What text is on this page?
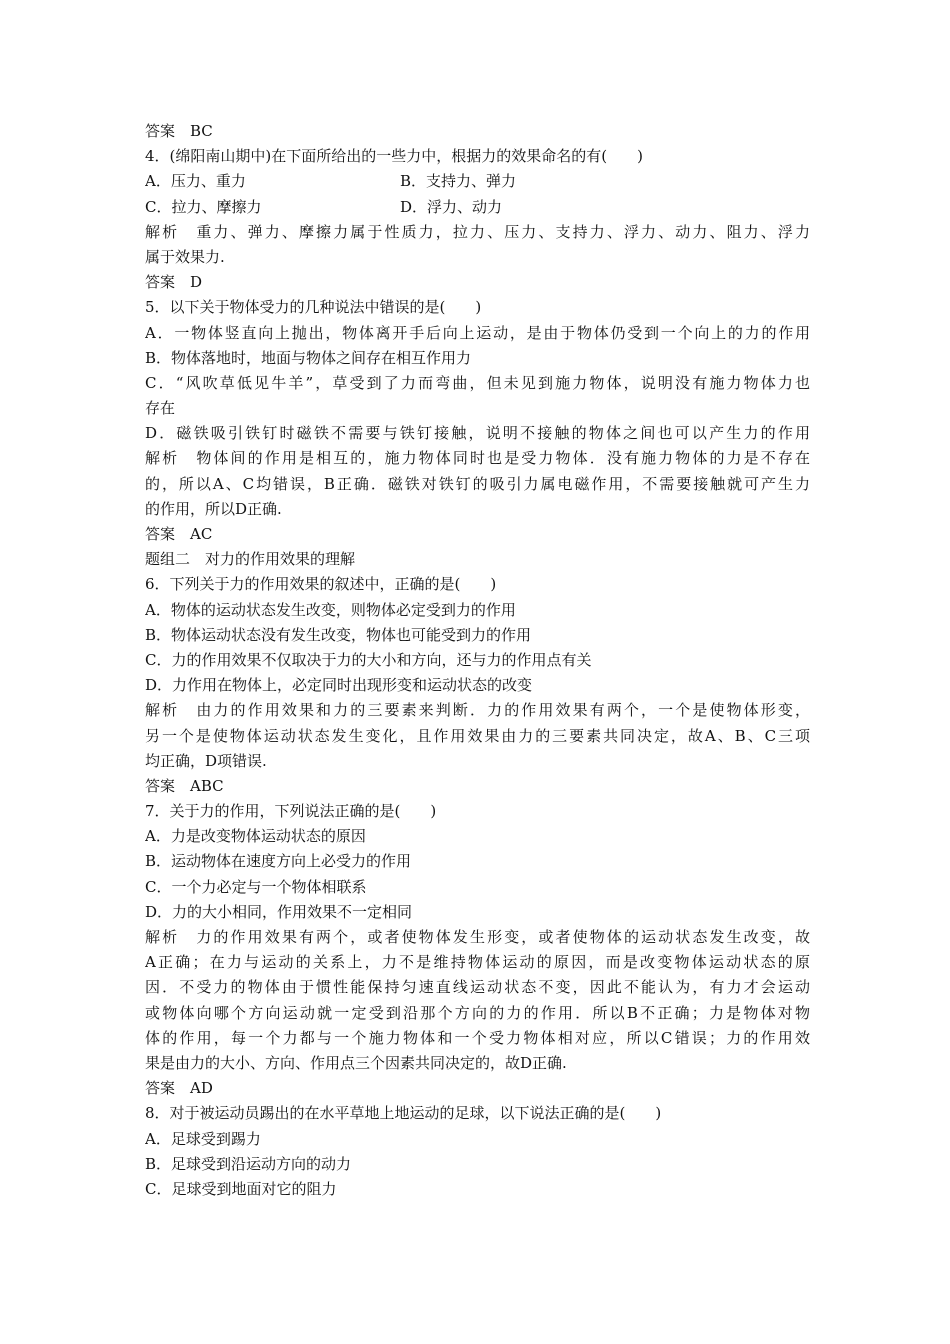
答案　BC
4．(绵阳南山期中)在下面所给出的一些力中，根据力的效果命名的有(　　)
A．压力、重力	B．支持力、弹力
C．拉力、摩擦力	D．浮力、动力
解析　重力、弹力、摩擦力属于性质力，拉力、压力、支持力、浮力、动力、阻力、浮力
属于效果力.
答案　D
5．以下关于物体受力的几种说法中错误的是(　　)
A．一物体竖直向上抛出，物体离开手后向上运动，是由于物体仍受到一个向上的力的作用
B．物体落地时，地面与物体之间存在相互作用力
C．“风吹草低见牛羊”，草受到了力而弯曲，但未见到施力物体，说明没有施力物体力也
存在
D．磁铁吸引铁钉时磁铁不需要与铁钉接触，说明不接触的物体之间也可以产生力的作用
解析　物体间的作用是相互的，施力物体同时也是受力物体．没有施力物体的力是不存在
的，所以A、C均错误，B正确．磁铁对铁钉的吸引力属电磁作用，不需要接触就可产生力
的作用，所以D正确.
答案　AC
题组二　对力的作用效果的理解
6．下列关于力的作用效果的叙述中，正确的是(　　)
A．物体的运动状态发生改变，则物体必定受到力的作用
B．物体运动状态没有发生改变，物体也可能受到力的作用
C．力的作用效果不仅取决于力的大小和方向，还与力的作用点有关
D．力作用在物体上，必定同时出现形变和运动状态的改变
解析　由力的作用效果和力的三要素来判断．力的作用效果有两个，一个是使物体形变，
另一个是使物体运动状态发生变化，且作用效果由力的三要素共同决定，故A、B、C三项
均正确，D项错误.
答案　ABC
7．关于力的作用，下列说法正确的是(　　)
A．力是改变物体运动状态的原因
B．运动物体在速度方向上必受力的作用
C．一个力必定与一个物体相联系
D．力的大小相同，作用效果不一定相同
解析　力的作用效果有两个，或者使物体发生形变，或者使物体的运动状态发生改变，故
A正确；在力与运动的关系上，力不是维持物体运动的原因，而是改变物体运动状态的原
因．不受力的物体由于惯性能保持匀速直线运动状态不变，因此不能认为，有力才会运动
或物体向哪个方向运动就一定受到沿那个方向的力的作用．所以B不正确；力是物体对物
体的作用，每一个力都与一个施力物体和一个受力物体相对应，所以C错误；力的作用效
果是由力的大小、方向、作用点三个因素共同决定的，故D正确.
答案　AD
8．对于被运动员踢出的在水平草地上地运动的足球，以下说法正确的是(　　)
A．足球受到踢力
B．足球受到沿运动方向的动力
C．足球受到地面对它的阻力
